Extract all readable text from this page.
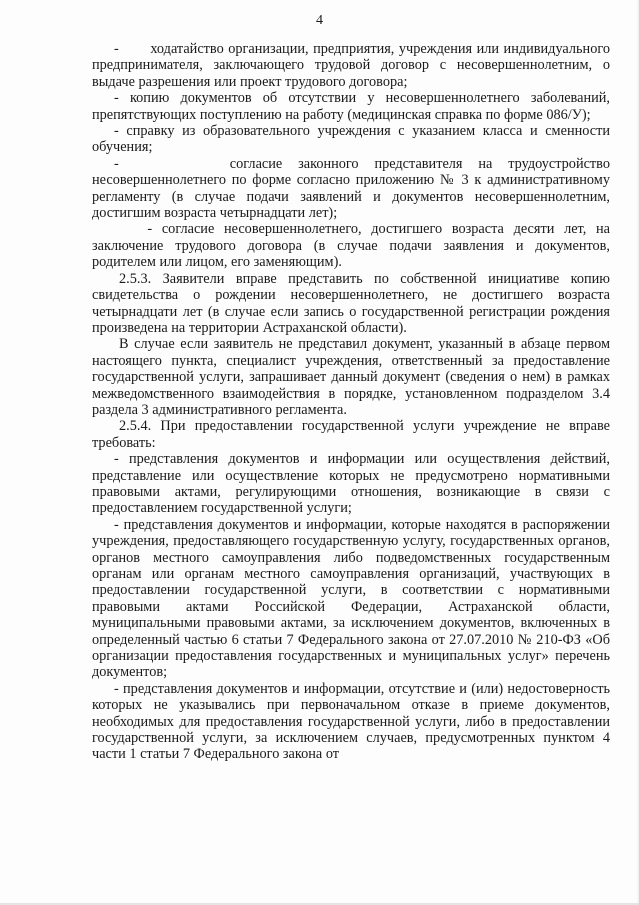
4

-       ходатайство организации, предприятия, учреждения или индивидуального предпринимателя, заключающего трудовой договор с несовершеннолетним, о выдаче разрешения или проект трудового договора;

- копию документов об отсутствии у несовершеннолетнего заболеваний, препятствующих поступлению на работу (медицинская справка по форме 086/У);

- справку из образовательного учреждения с указанием класса и сменности обучения;

-       согласие законного представителя на трудоустройство несовершеннолетнего по форме согласно приложению № 3 к административному регламенту (в случае подачи заявлений и документов несовершеннолетним, достигшим возраста четырнадцати лет);

- согласие несовершеннолетнего, достигшего возраста десяти лет, на заключение трудового договора (в случае подачи заявления и документов, родителем или лицом, его заменяющим).

2.5.3. Заявители вправе представить по собственной инициативе копию свидетельства о рождении несовершеннолетнего, не достигшего возраста четырнадцати лет (в случае если запись о государственной регистрации рождения произведена на территории Астраханской области).

В случае если заявитель не представил документ, указанный в абзаце первом настоящего пункта, специалист учреждения, ответственный за предоставление государственной услуги, запрашивает данный документ (сведения о нем) в рамках межведомственного взаимодействия в порядке, установленном подразделом 3.4 раздела 3 административного регламента.

2.5.4. При предоставлении государственной услуги учреждение не вправе требовать:

- представления документов и информации или осуществления действий, представление или осуществление которых не предусмотрено нормативными правовыми актами, регулирующими отношения, возникающие в связи с предоставлением государственной услуги;

- представления документов и информации, которые находятся в распоряжении учреждения, предоставляющего государственную услугу, государственных органов, органов местного самоуправления либо подведомственных государственным органам или органам местного самоуправления организаций, участвующих в предоставлении государственной услуги, в соответствии с нормативными правовыми актами Российской Федерации, Астраханской области, муниципальными правовыми актами, за исключением документов, включенных в определенный частью 6 статьи 7 Федерального закона от 27.07.2010 № 210-ФЗ «Об организации предоставления государственных и муниципальных услуг» перечень документов;

- представления документов и информации, отсутствие и (или) недостоверность которых не указывались при первоначальном отказе в приеме документов, необходимых для предоставления государственной услуги, либо в предоставлении государственной услуги, за исключением случаев, предусмотренных пунктом 4 части 1 статьи 7 Федерального закона от
